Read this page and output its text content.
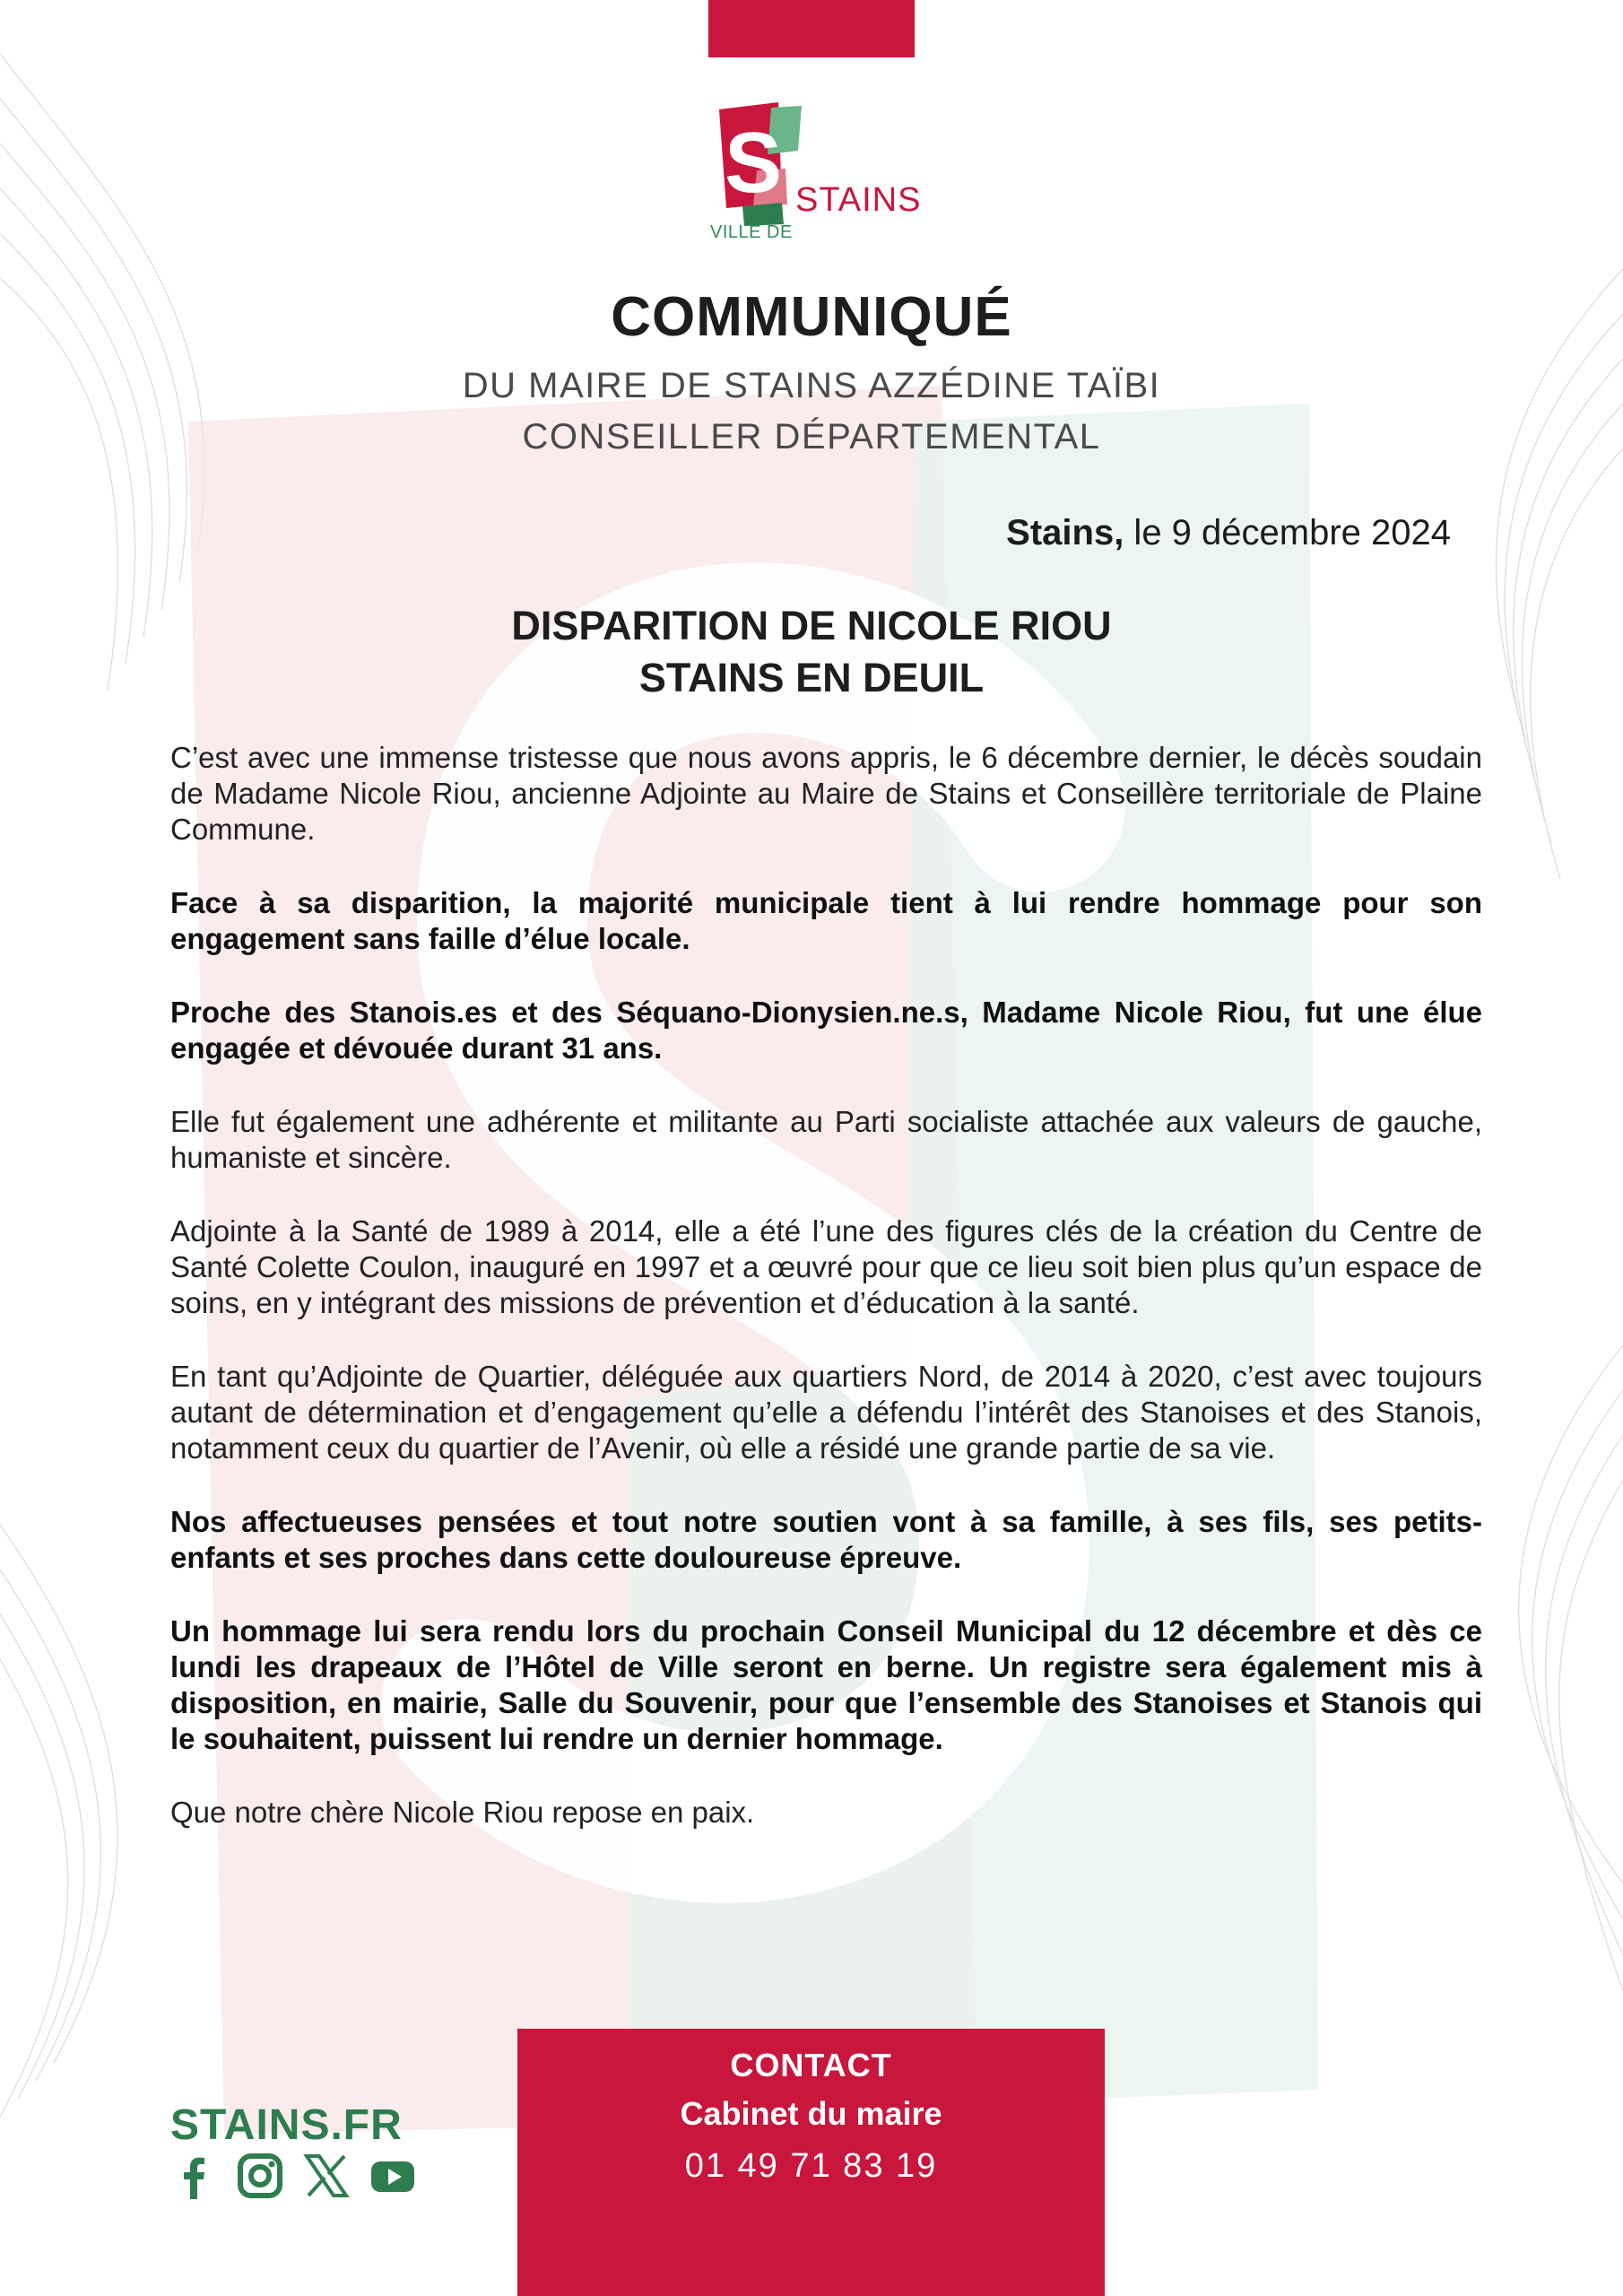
S STAINS
VILLE DE
COMMUNIQUÉ
DU MAIRE DE STAINS AZZÉDINE TAÏBI
CONSEILLER DÉPARTEMENTAL
Stains, le 9 décembre 2024
DISPARITION DE NICOLE RIOU
STAINS EN DEUIL

C’est avec une immense tristesse que nous avons appris, le 6 décembre dernier, le décès soudain de Madame Nicole Riou, ancienne Adjointe au Maire de Stains et Conseillère territoriale de Plaine Commune.

Face à sa disparition, la majorité municipale tient à lui rendre hommage pour son engagement sans faille d’élue locale.

Proche des Stanois.es et des Séquano-Dionysien.ne.s, Madame Nicole Riou, fut une élue engagée et dévouée durant 31 ans.

Elle fut également une adhérente et militante au Parti socialiste attachée aux valeurs de gauche, humaniste et sincère.

Adjointe à la Santé de 1989 à 2014, elle a été l’une des figures clés de la création du Centre de Santé Colette Coulon, inauguré en 1997 et a œuvré pour que ce lieu soit bien plus qu’un espace de soins, en y intégrant des missions de prévention et d’éducation à la santé.

En tant qu’Adjointe de Quartier, déléguée aux quartiers Nord, de 2014 à 2020, c’est avec toujours autant de détermination et d’engagement qu’elle a défendu l’intérêt des Stanoises et des Stanois, notamment ceux du quartier de l’Avenir, où elle a résidé une grande partie de sa vie.

Nos affectueuses pensées et tout notre soutien vont à sa famille, à ses fils, ses petits-enfants et ses proches dans cette douloureuse épreuve.

Un hommage lui sera rendu lors du prochain Conseil Municipal du 12 décembre et dès ce lundi les drapeaux de l’Hôtel de Ville seront en berne. Un registre sera également mis à disposition, en mairie, Salle du Souvenir, pour que l’ensemble des Stanoises et Stanois qui le souhaitent, puissent lui rendre un dernier hommage.

Que notre chère Nicole Riou repose en paix.

STAINS.FR
CONTACT
Cabinet du maire
01 49 71 83 19
